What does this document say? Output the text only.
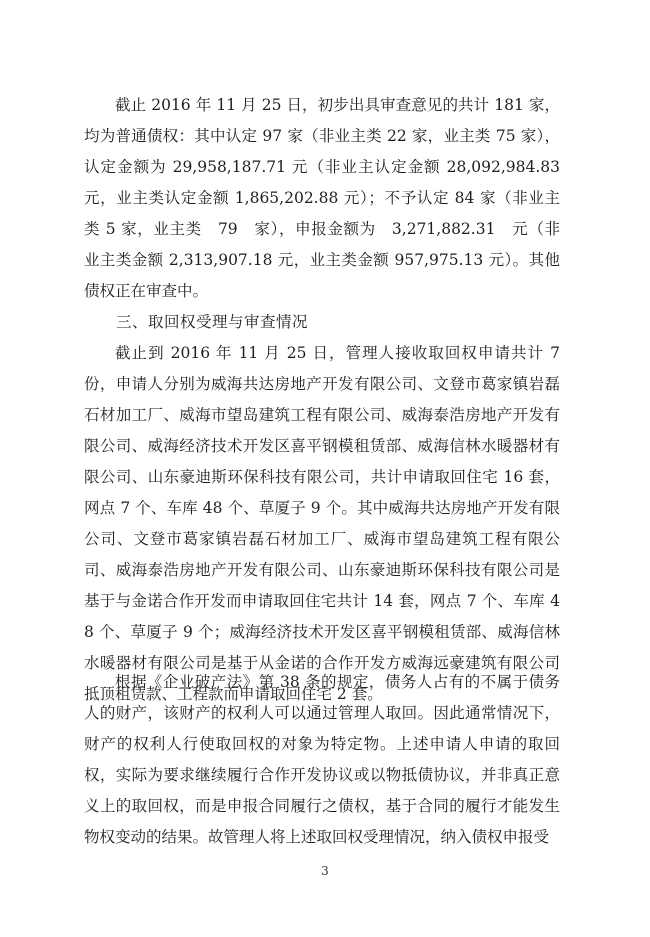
截止 2016 年 11 月 25 日，初步出具审查意见的共计 181 家，均为普通债权：其中认定 97 家（非业主类 22 家，业主类 75 家），认定金额为 29,958,187.71 元（非业主认定金额 28,092,984.83 元，业主类认定金额 1,865,202.88 元）；不予认定 84 家（非业主类 5 家，业主类　79　家），申报金额为　3,271,882.31　元（非业主类金额 2,313,907.18 元，业主类金额 957,975.13 元）。其他债权正在审查中。

三、取回权受理与审查情况

截止到 2016 年 11 月 25 日，管理人接收取回权申请共计 7 份，申请人分别为威海共达房地产开发有限公司、文登市葛家镇岩磊石材加工厂、威海市望岛建筑工程有限公司、威海泰浩房地产开发有限公司、威海经济技术开发区喜平钢模租赁部、威海信林水暖器材有限公司、山东豪迪斯环保科技有限公司，共计申请取回住宅 16 套，网点 7 个、车库 48 个、草厦子 9 个。其中威海共达房地产开发有限公司、文登市葛家镇岩磊石材加工厂、威海市望岛建筑工程有限公司、威海泰浩房地产开发有限公司、山东豪迪斯环保科技有限公司是基于与金诺合作开发而申请取回住宅共计 14 套，网点 7 个、车库 48 个、草厦子 9 个；威海经济技术开发区喜平钢模租赁部、威海信林水暖器材有限公司是基于从金诺的合作开发方威海远豪建筑有限公司抵顶租赁款、工程款而申请取回住宅 2 套。

根据《企业破产法》第 38 条的规定，债务人占有的不属于债务人的财产，该财产的权利人可以通过管理人取回。因此通常情况下，财产的权利人行使取回权的对象为特定物。上述申请人申请的取回权，实际为要求继续履行合作开发协议或以物抵债协议，并非真正意义上的取回权，而是申报合同履行之债权，基于合同的履行才能发生物权变动的结果。故管理人将上述取回权受理情况，纳入债权申报受

3
